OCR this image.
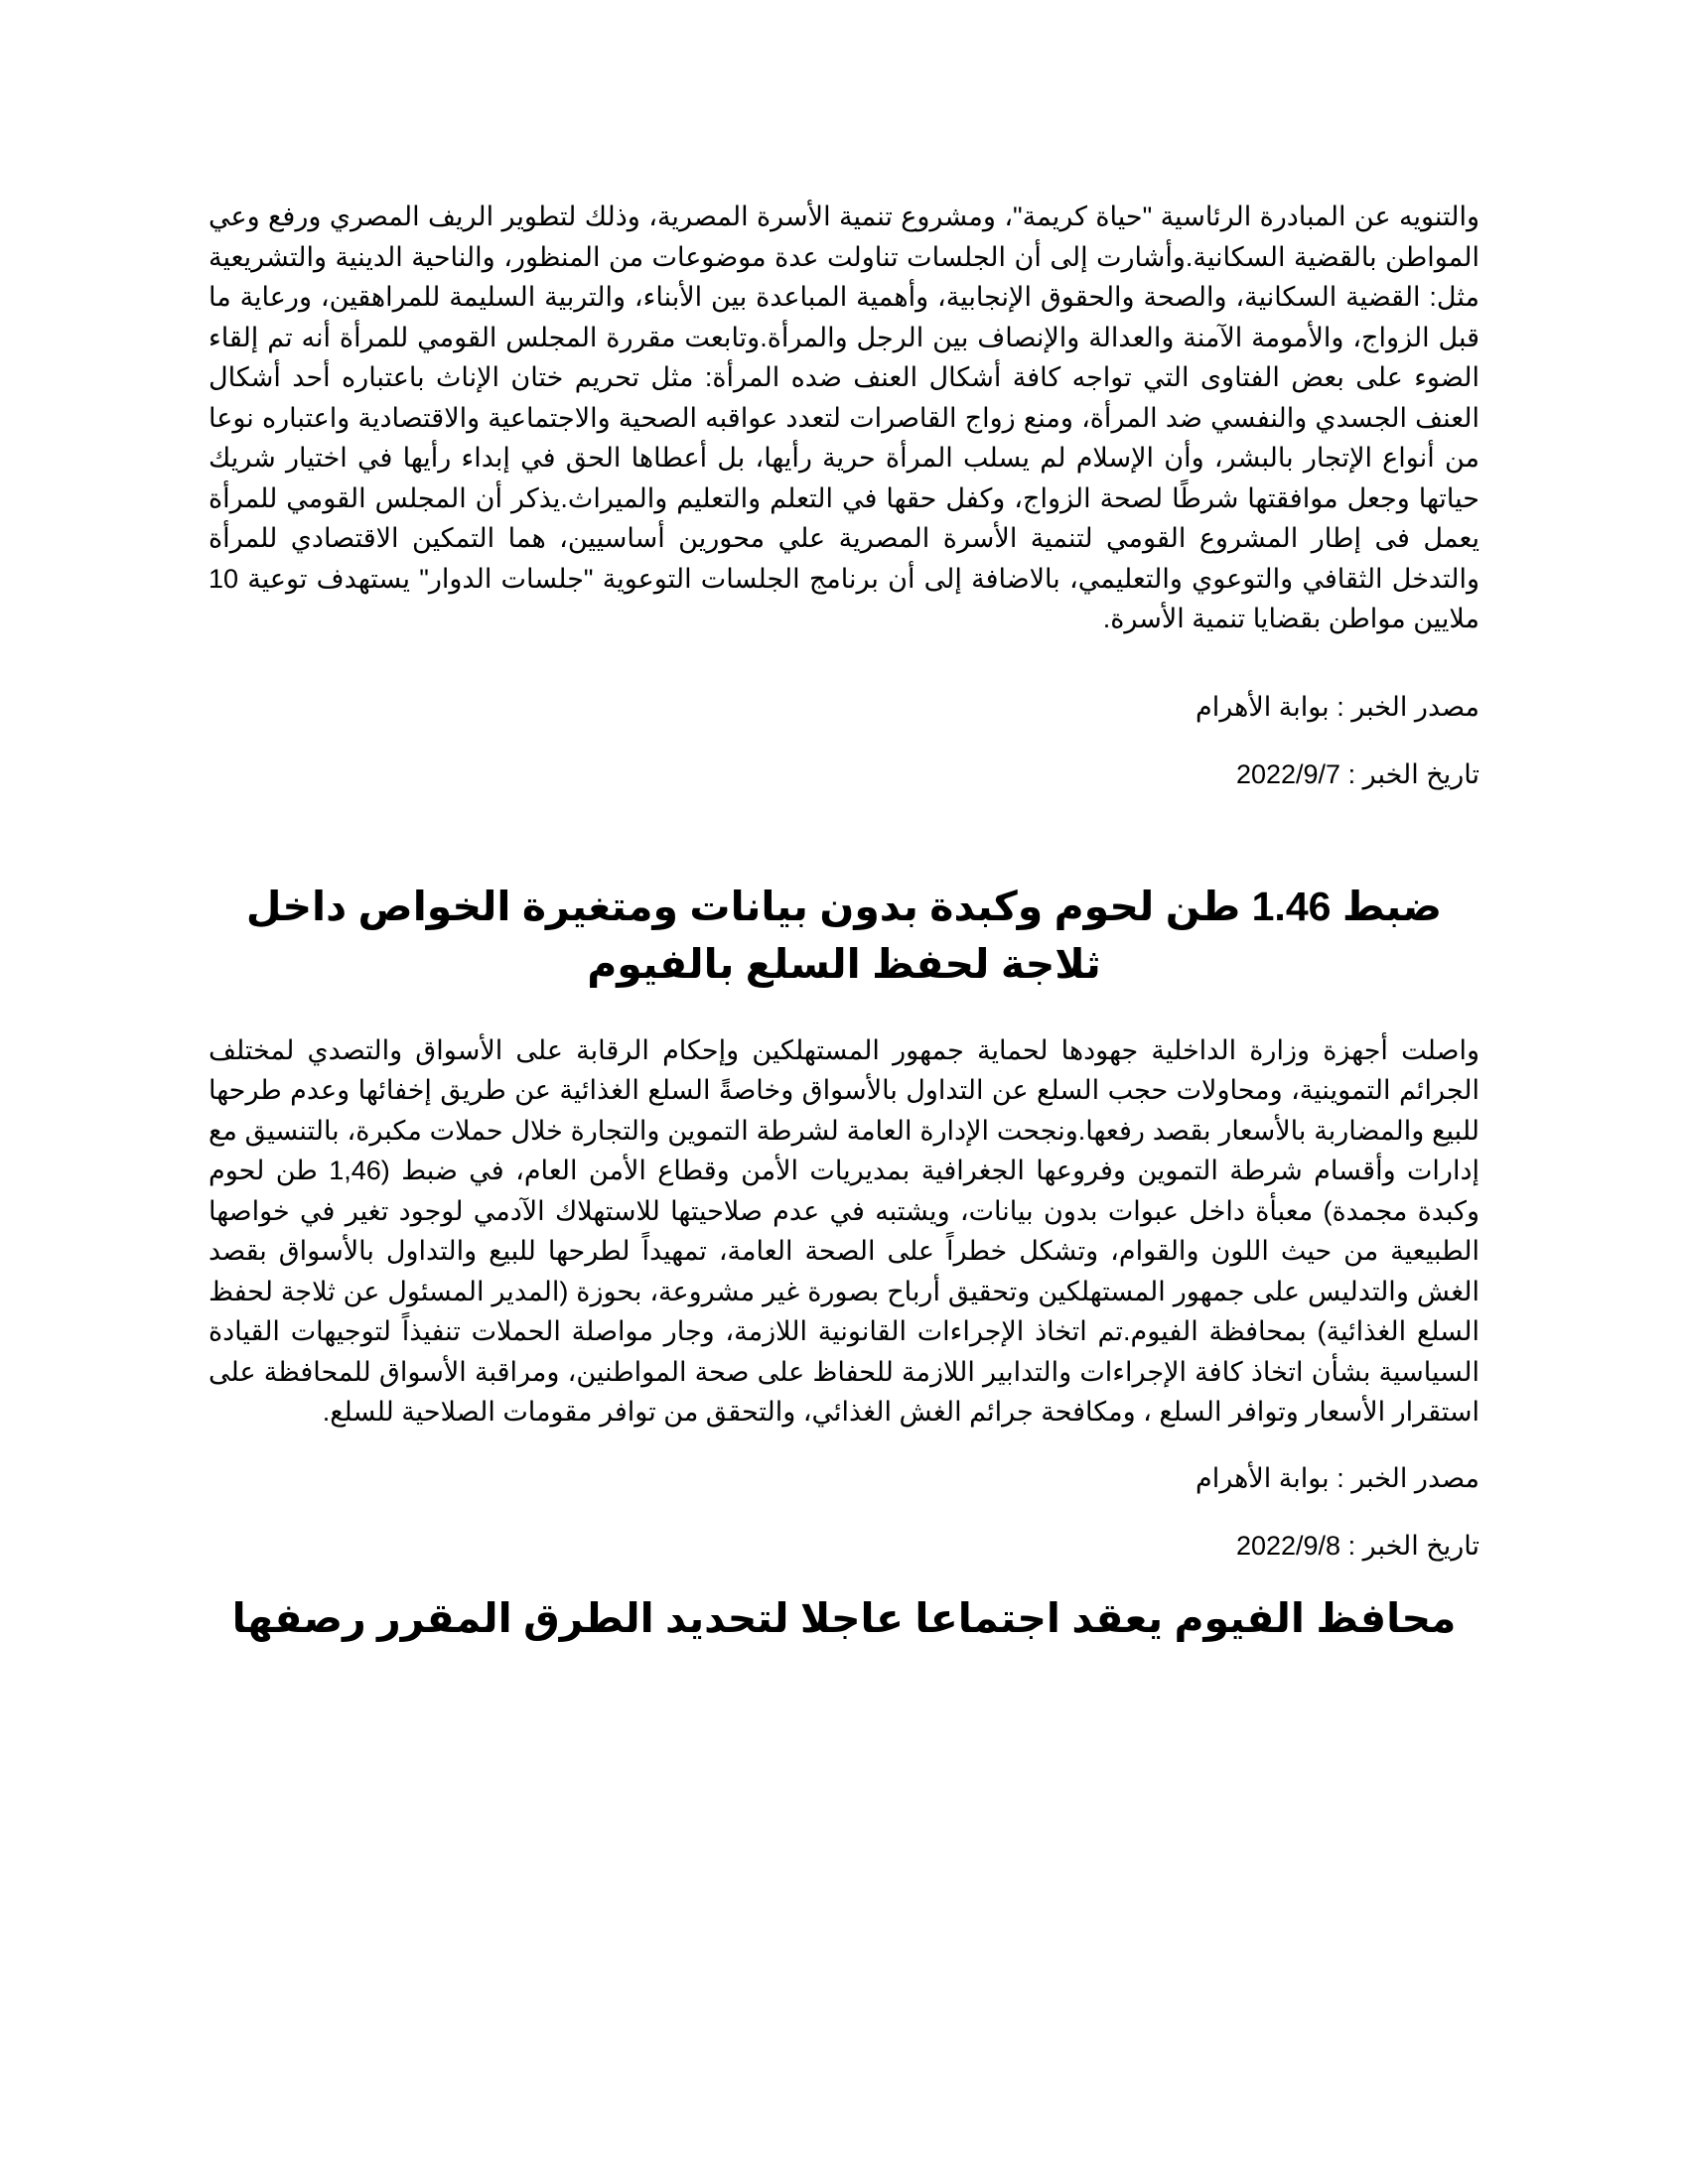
والتنويه عن المبادرة الرئاسية "حياة كريمة"، ومشروع تنمية الأسرة المصرية، وذلك لتطوير الريف المصري ورفع وعي المواطن بالقضية السكانية.وأشارت إلى أن الجلسات تناولت عدة موضوعات من المنظور، والناحية الدينية والتشريعية مثل: القضية السكانية، والصحة والحقوق الإنجابية، وأهمية المباعدة بين الأبناء، والتربية السليمة للمراهقين، ورعاية ما قبل الزواج، والأمومة الآمنة والعدالة والإنصاف بين الرجل والمرأة.وتابعت مقررة المجلس القومي للمرأة أنه تم إلقاء الضوء على بعض الفتاوى التي تواجه كافة أشكال العنف ضده المرأة: مثل تحريم ختان الإناث باعتباره أحد أشكال العنف الجسدي والنفسي ضد المرأة، ومنع زواج القاصرات لتعدد عواقبه الصحية والاجتماعية والاقتصادية واعتباره نوعا من أنواع الإتجار بالبشر، وأن الإسلام لم يسلب المرأة حرية رأيها، بل أعطاها الحق في إبداء رأيها في اختيار شريك حياتها وجعل موافقتها شرطًا لصحة الزواج، وكفل حقها في التعلم والتعليم والميراث.يذكر أن المجلس القومي للمرأة يعمل فى إطار المشروع القومي لتنمية الأسرة المصرية علي محورين أساسيين، هما التمكين الاقتصادي للمرأة والتدخل الثقافي والتوعوي والتعليمي، بالاضافة إلى أن برنامج الجلسات التوعوية "جلسات الدوار" يستهدف توعية 10 ملايين مواطن بقضايا تنمية الأسرة.

مصدر الخبر : بوابة الأهرام

تاريخ الخبر : 2022/9/7

ضبط 1.46 طن لحوم وكبدة بدون بيانات ومتغيرة الخواص داخل ثلاجة لحفظ السلع بالفيوم

واصلت أجهزة وزارة الداخلية جهودها لحماية جمهور المستهلكين وإحكام الرقابة على الأسواق والتصدي لمختلف الجرائم التموينية، ومحاولات حجب السلع عن التداول بالأسواق وخاصةً السلع الغذائية عن طريق إخفائها وعدم طرحها للبيع والمضاربة بالأسعار بقصد رفعها.ونجحت الإدارة العامة لشرطة التموين والتجارة خلال حملات مكبرة، بالتنسيق مع إدارات وأقسام شرطة التموين وفروعها الجغرافية بمديريات الأمن وقطاع الأمن العام، في ضبط (1,46 طن لحوم وكبدة مجمدة) معبأة داخل عبوات بدون بيانات، ويشتبه في عدم صلاحيتها للاستهلاك الآدمي لوجود تغير في خواصها الطبيعية من حيث اللون والقوام، وتشكل خطراً على الصحة العامة، تمهيداً لطرحها للبيع والتداول بالأسواق بقصد الغش والتدليس على جمهور المستهلكين وتحقيق أرباح بصورة غير مشروعة، بحوزة (المدير المسئول عن ثلاجة لحفظ السلع الغذائية) بمحافظة الفيوم.تم اتخاذ الإجراءات القانونية اللازمة، وجار مواصلة الحملات تنفيذاً لتوجيهات القيادة السياسية بشأن اتخاذ كافة الإجراءات والتدابير اللازمة للحفاظ على صحة المواطنين، ومراقبة الأسواق للمحافظة على استقرار الأسعار وتوافر السلع ، ومكافحة جرائم الغش الغذائي، والتحقق من توافر مقومات الصلاحية للسلع.

مصدر الخبر : بوابة الأهرام

تاريخ الخبر : 2022/9/8

محافظ الفيوم يعقد اجتماعا عاجلا لتحديد الطرق المقرر رصفها
